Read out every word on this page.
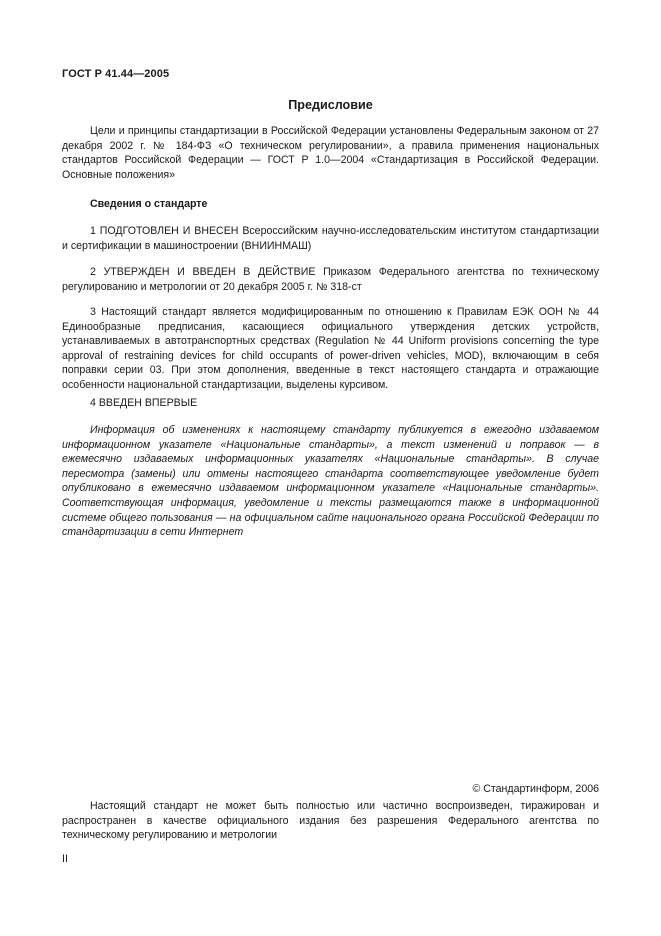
ГОСТ Р 41.44—2005
Предисловие

Цели и принципы стандартизации в Российской Федерации установлены Федеральным законом от 27 декабря 2002 г. № 184-ФЗ «О техническом регулировании», а правила применения национальных стандартов Российской Федерации — ГОСТ Р 1.0—2004 «Стандартизация в Российской Федерации. Основные положения»

Сведения о стандарте

1 ПОДГОТОВЛЕН И ВНЕСЕН Всероссийским научно-исследовательским институтом стандартизации и сертификации в машиностроении (ВНИИНМАШ)

2 УТВЕРЖДЕН И ВВЕДЕН В ДЕЙСТВИЕ Приказом Федерального агентства по техническому регулированию и метрологии от 20 декабря 2005 г. № 318-ст

3 Настоящий стандарт является модифицированным по отношению к Правилам ЕЭК ООН № 44 Единообразные предписания, касающиеся официального утверждения детских устройств, устанавливаемых в автотранспортных средствах (Regulation № 44 Uniform provisions concerning the type approval of restraining devices for child occupants of power-driven vehicles, MOD), включающим в себя поправки серии 03. При этом дополнения, введенные в текст настоящего стандарта и отражающие особенности национальной стандартизации, выделены курсивом.

4 ВВЕДЕН ВПЕРВЫЕ

Информация об изменениях к настоящему стандарту публикуется в ежегодно издаваемом информационном указателе «Национальные стандарты», а текст изменений и поправок — в ежемесячно издаваемых информационных указателях «Национальные стандарты». В случае пересмотра (замены) или отмены настоящего стандарта соответствующее уведомление будет опубликовано в ежемесячно издаваемом информационном указателе «Национальные стандарты». Соответствующая информация, уведомление и тексты размещаются также в информационной системе общего пользования — на официальном сайте национального органа Российской Федерации по стандартизации в сети Интернет

© Стандартинформ, 2006

Настоящий стандарт не может быть полностью или частично воспроизведен, тиражирован и распространен в качестве официального издания без разрешения Федерального агентства по техническому регулированию и метрологии

II
